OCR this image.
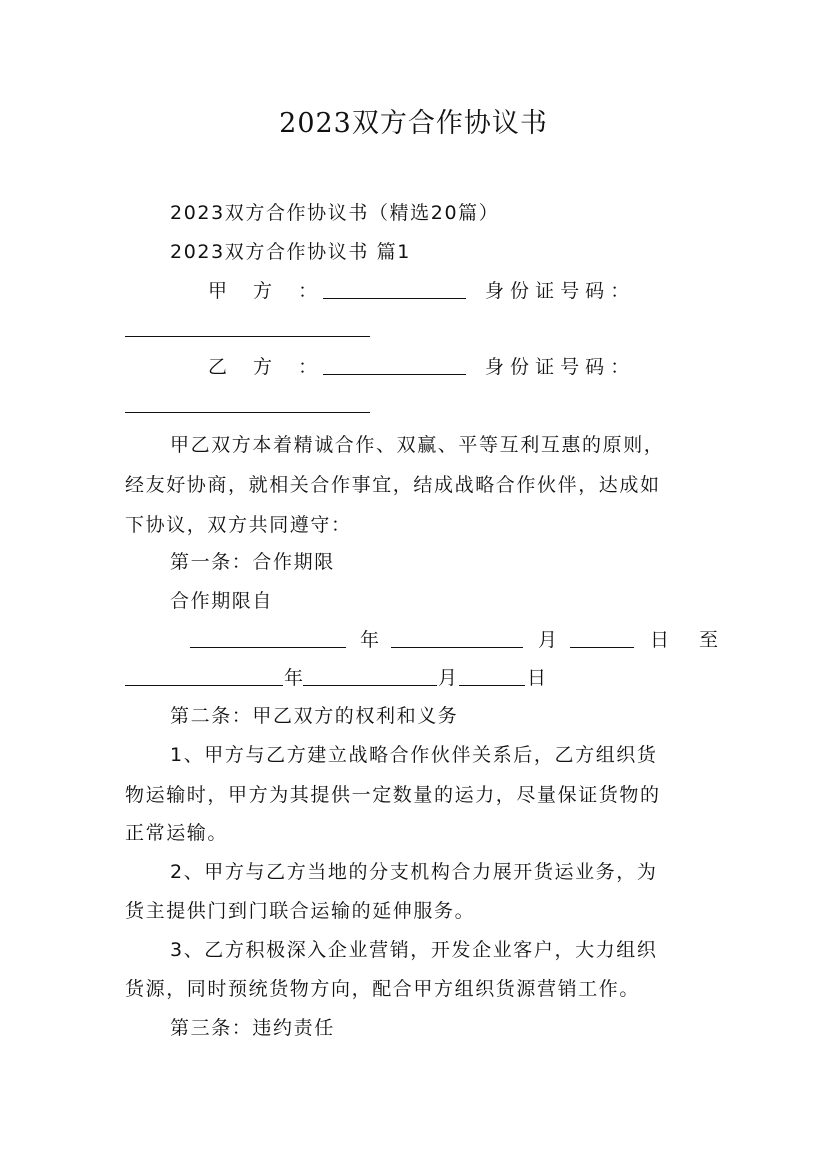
2023双方合作协议书
2023双方合作协议书（精选20篇）
2023双方合作协议书 篇1
甲 方 ：	身 份 证 号 码 ：
乙 方 ：	身 份 证 号 码 ：
甲乙双方本着精诚合作、双赢、平等互利互惠的原则，
经友好协商，就相关合作事宜，结成战略合作伙伴，达成如
下协议，双方共同遵守：
第一条：合作期限
合作期限自
年	月	日 至
年	月	日
第二条：甲乙双方的权利和义务
1、甲方与乙方建立战略合作伙伴关系后，乙方组织货
物运输时，甲方为其提供一定数量的运力，尽量保证货物的
正常运输。
2、甲方与乙方当地的分支机构合力展开货运业务，为
货主提供门到门联合运输的延伸服务。
3、乙方积极深入企业营销，开发企业客户，大力组织
货源，同时预统货物方向，配合甲方组织货源营销工作。
第三条：违约责任
